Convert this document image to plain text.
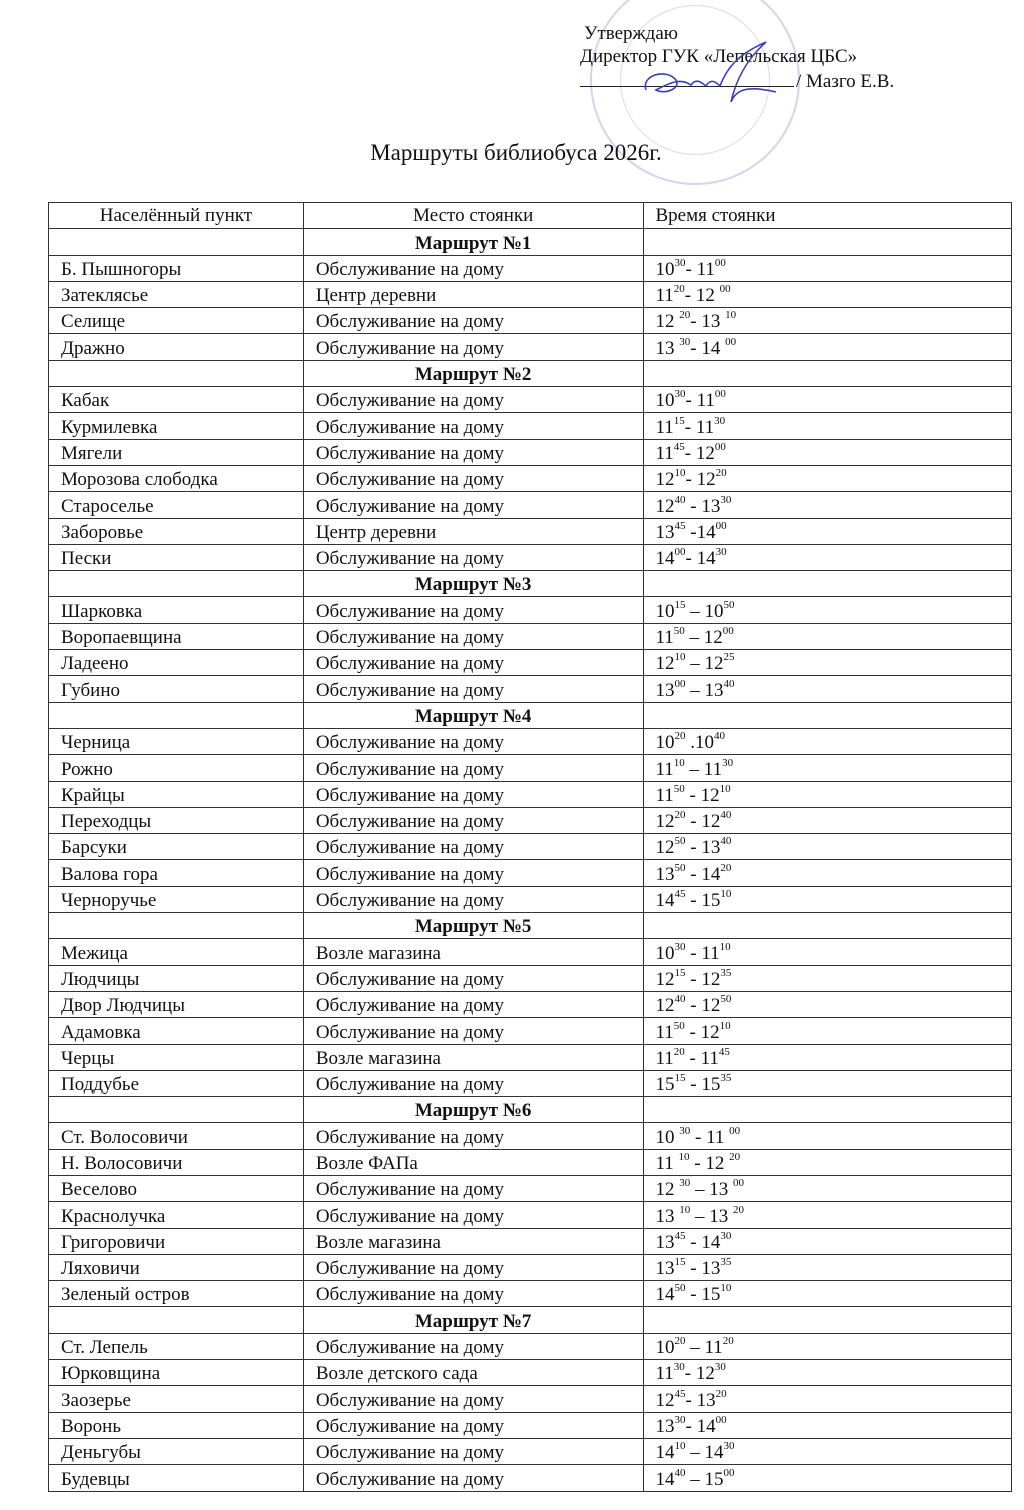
Утверждаю
Директор ГУК «Лепельская ЦБС»
/ Мазго Е.В.
Маршруты библиобуса 2026г.
Населённый пункт	Место стоянки	Время стоянки
	Маршрут №1	
Б. Пышногоры	Обслуживание на дому	$10^{30}-$ $11^{00}$
Затеклясье	Центр деревни	$11^{20}-$ 12 $^{00}$
Селище	Обслуживание на дому	12 $^{20}$- 13 $^{10}$
Дражно	Обслуживание на дому	13 $^{30}$- 14 $^{00}$
	Маршрут №2	
Кабак	Обслуживание на дому	$10^{30}-$ $11^{00}$
Курмилевка	Обслуживание на дому	$11^{15}-$ $11^{30}$
Мягели	Обслуживание на дому	$11^{45}-$ $12^{00}$
Морозова слободка	Обслуживание на дому	$12^{10}-$ $12^{20}$
Староселье	Обслуживание на дому	$12^{40} - 13^{30}$
Заборовье	Центр деревни	$13^{45}$ $-14^{00}$
Пески	Обслуживание на дому	$14^{00}-$ $14^{30}$
	Маршрут №3	
Шарковка	Обслуживание на дому	$10^{15} - 10^{50}$
Воропаевщина	Обслуживание на дому	$11^{50} - 12^{00}$
Ладеено	Обслуживание на дому	$12^{10} - 12^{25}$
Губино	Обслуживание на дому	$13^{00} - 13^{40}$
	Маршрут №4	
Черница	Обслуживание на дому	$10^{20}$ $.10^{40}$
Рожно	Обслуживание на дому	$11^{10} - 11^{30}$
Крайцы	Обслуживание на дому	$11^{50} - 12^{10}$
Переходцы	Обслуживание на дому	$12^{20} - 12^{40}$
Барсуки	Обслуживание на дому	$12^{50} - 13^{40}$
Валова гора	Обслуживание на дому	$13^{50} - 14^{20}$
Черноручье	Обслуживание на дому	$14^{45} - 15^{10}$
	Маршрут №5	
Межица	Возле магазина	$10^{30} - 11^{10}$
Людчицы	Обслуживание на дому	$12^{15} - 12^{35}$
Двор Людчицы	Обслуживание на дому	$12^{40} - 12^{50}$
Адамовка	Обслуживание на дому	$11^{50} - 12^{10}$
Черцы	Возле магазина	$11^{20} - 11^{45}$
Поддубье	Обслуживание на дому	$15^{15} - 15^{35}$
	Маршрут №6	
Ст. Волосовичи	Обслуживание на дому	10 $^{30}$ - 11 $^{00}$
Н. Волосовичи	Возле ФАПа	11 $^{10}$ - 12 $^{20}$
Веселово	Обслуживание на дому	12 $^{30}$ – 13 $^{00}$
Краснолучка	Обслуживание на дому	13 $^{10}$ – 13 $^{20}$
Григоровичи	Возле магазина	$13^{45} - 14^{30}$
Ляховичи	Обслуживание на дому	$13^{15} - 13^{35}$
Зеленый остров	Обслуживание на дому	$14^{50} - 15^{10}$
	Маршрут №7	
Ст. Лепель	Обслуживание на дому	$10^{20} - 11^{20}$
Юрковщина	Возле детского сада	$11^{30}-$ $12^{30}$
Заозерье	Обслуживание на дому	$12^{45}-$ $13^{20}$
Воронь	Обслуживание на дому	$13^{30}-$ $14^{00}$
Деньгубы	Обслуживание на дому	$14^{10} - 14^{30}$
Будевцы	Обслуживание на дому	$14^{40} - 15^{00}$
